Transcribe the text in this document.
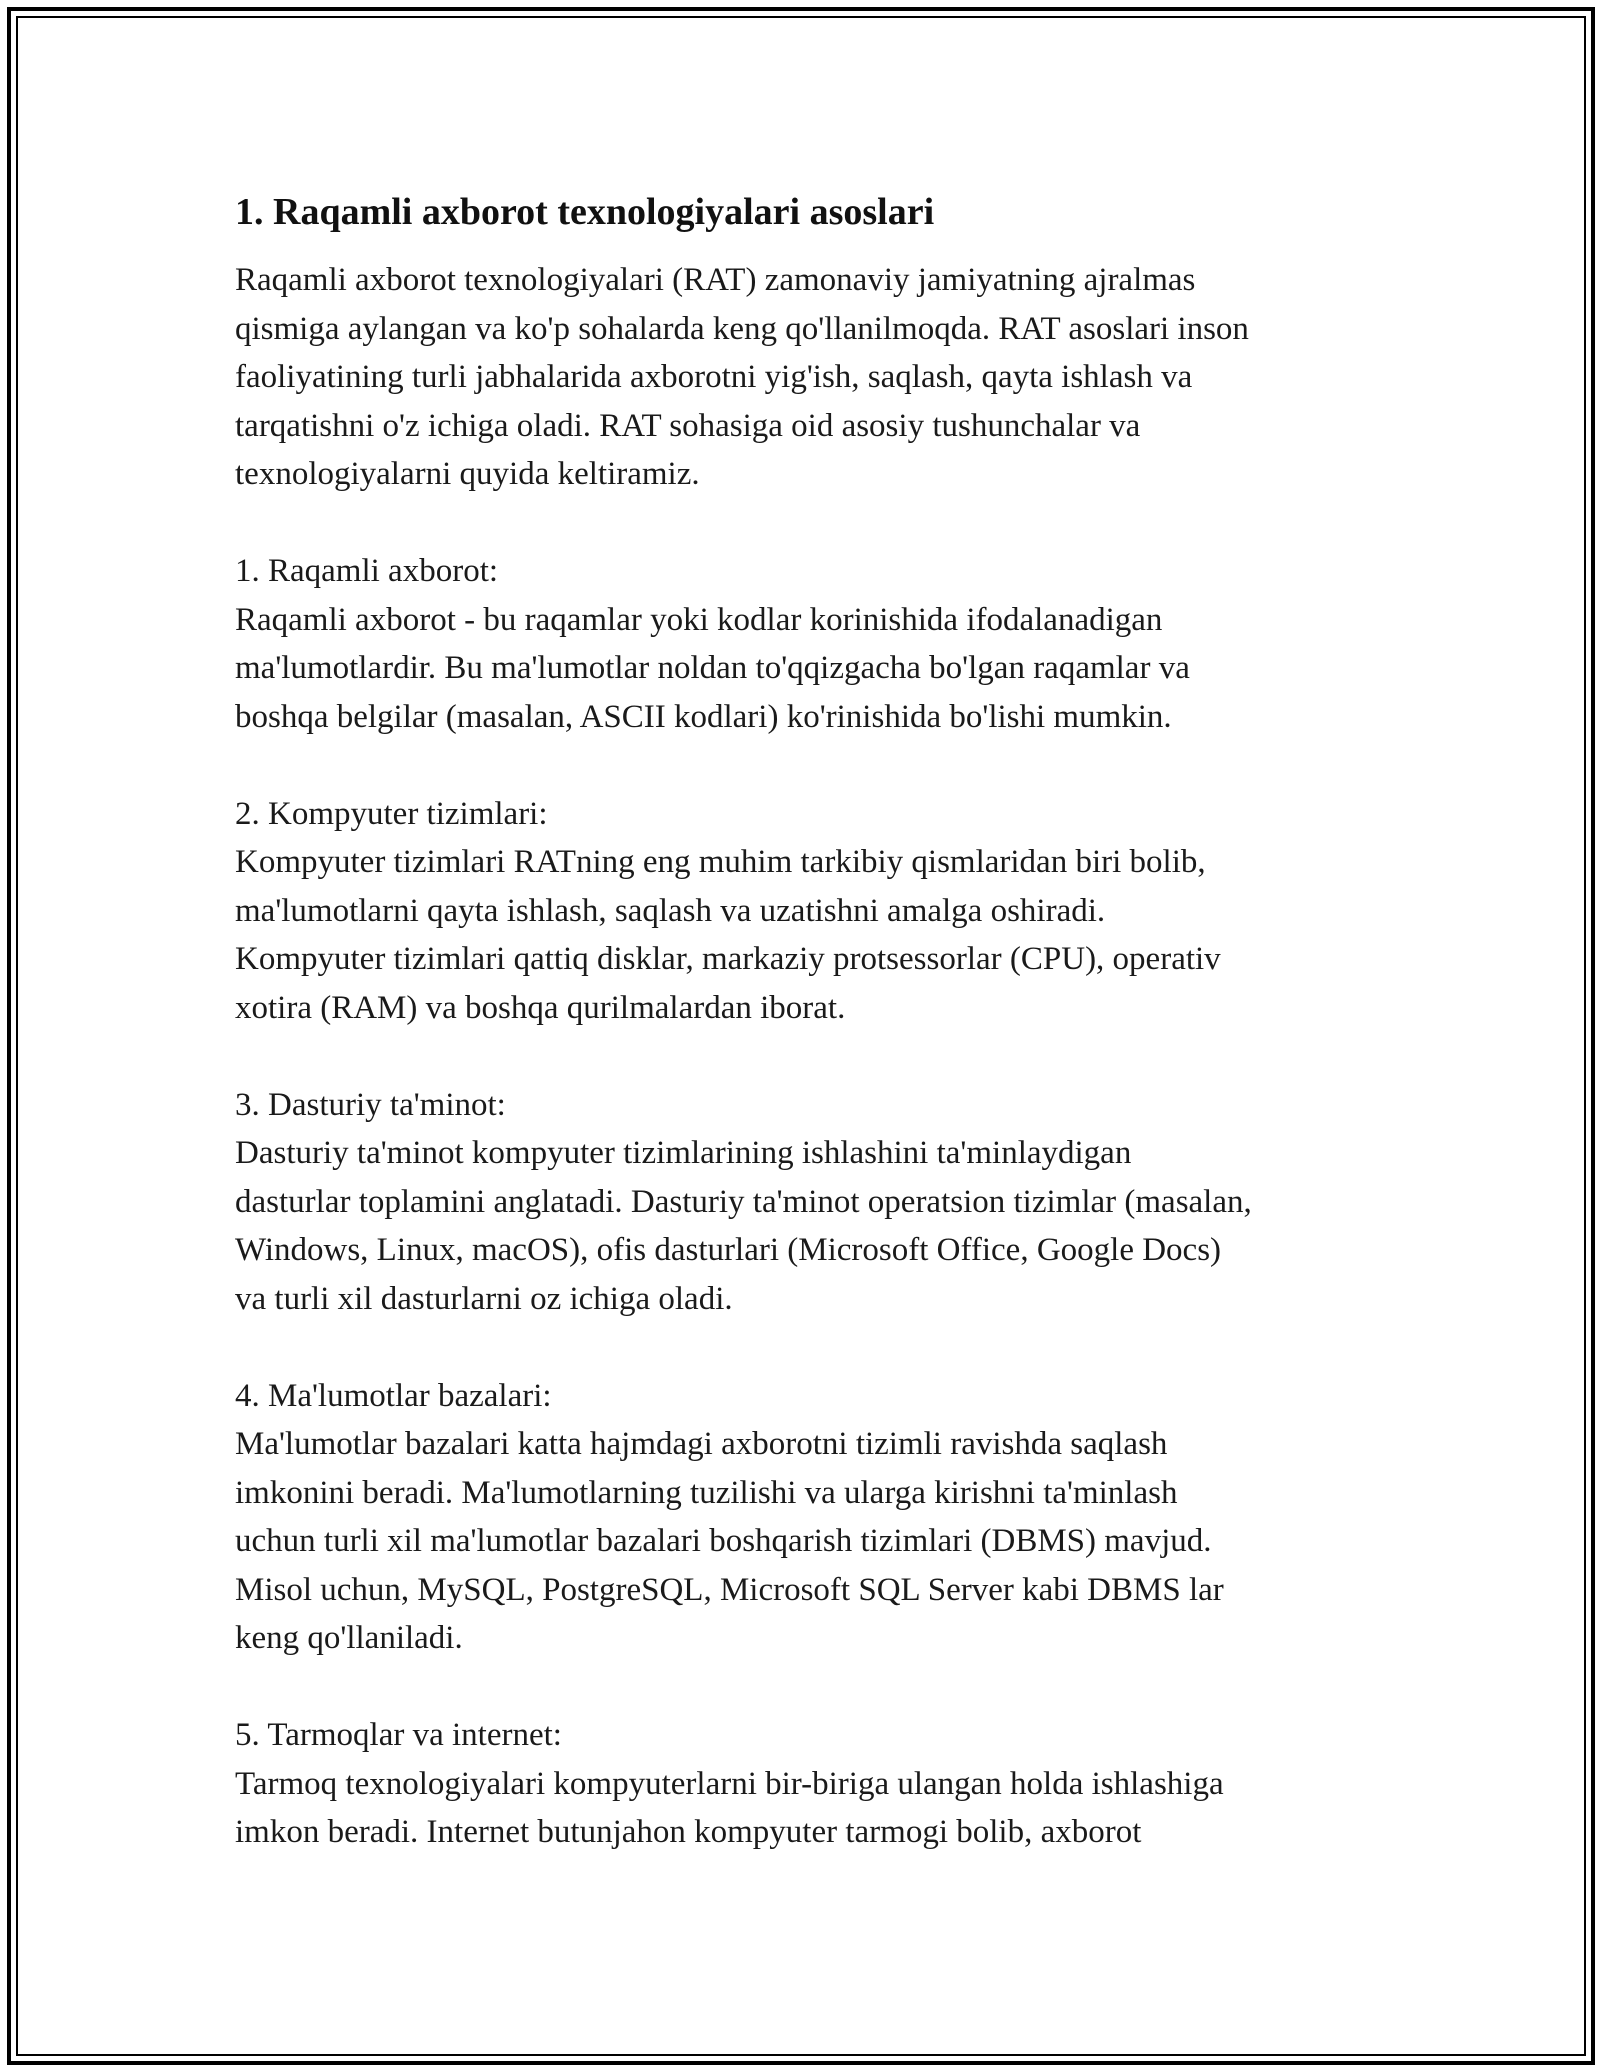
1. Raqamli axborot texnologiyalari asoslari

Raqamli axborot texnologiyalari (RAT) zamonaviy jamiyatning ajralmas
qismiga aylangan va ko'p sohalarda keng qo'llanilmoqda. RAT asoslari inson
faoliyatining turli jabhalarida axborotni yig'ish, saqlash, qayta ishlash va
tarqatishni o'z ichiga oladi. RAT sohasiga oid asosiy tushunchalar va
texnologiyalarni quyida keltiramiz.

1. Raqamli axborot:

Raqamli axborot - bu raqamlar yoki kodlar korinishida ifodalanadigan
ma'lumotlardir. Bu ma'lumotlar noldan to'qqizgacha bo'lgan raqamlar va
boshqa belgilar (masalan, ASCII kodlari) ko'rinishida bo'lishi mumkin.

2. Kompyuter tizimlari:

Kompyuter tizimlari RATning eng muhim tarkibiy qismlaridan biri bolib,
ma'lumotlarni qayta ishlash, saqlash va uzatishni amalga oshiradi.
Kompyuter tizimlari qattiq disklar, markaziy protsessorlar (CPU), operativ
xotira (RAM) va boshqa qurilmalardan iborat.

3. Dasturiy ta'minot:

Dasturiy ta'minot kompyuter tizimlarining ishlashini ta'minlaydigan
dasturlar toplamini anglatadi. Dasturiy ta'minot operatsion tizimlar (masalan,
Windows, Linux, macOS), ofis dasturlari (Microsoft Office, Google Docs)
va turli xil dasturlarni oz ichiga oladi.

4. Ma'lumotlar bazalari:

Ma'lumotlar bazalari katta hajmdagi axborotni tizimli ravishda saqlash
imkonini beradi. Ma'lumotlarning tuzilishi va ularga kirishni ta'minlash
uchun turli xil ma'lumotlar bazalari boshqarish tizimlari (DBMS) mavjud.
Misol uchun, MySQL, PostgreSQL, Microsoft SQL Server kabi DBMS lar
keng qo'llaniladi.

5. Tarmoqlar va internet:

Tarmoq texnologiyalari kompyuterlarni bir-biriga ulangan holda ishlashiga
imkon beradi. Internet butunjahon kompyuter tarmogi bolib, axborot
